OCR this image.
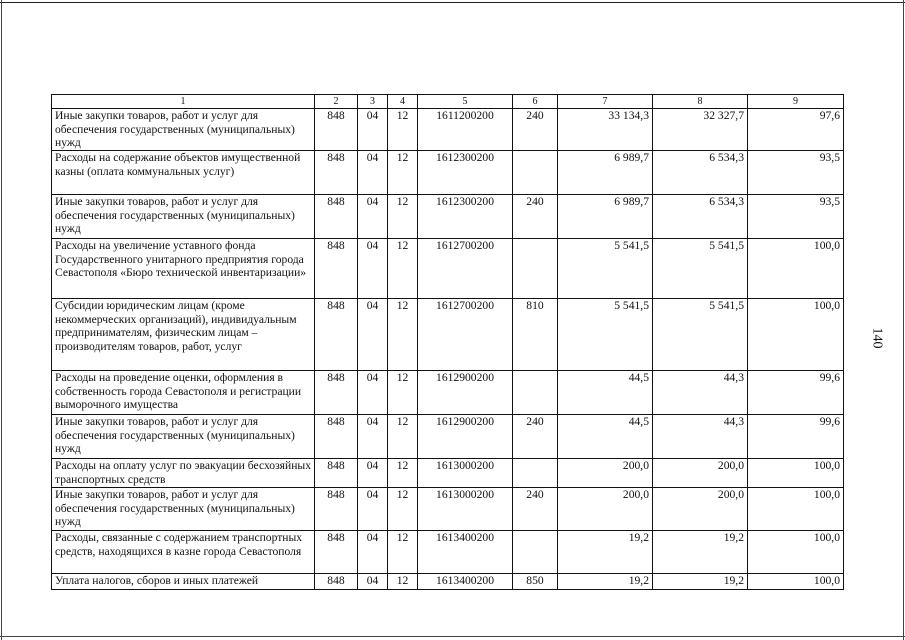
1	2	3	4	5	6	7	8	9
Иные закупки товаров, работ и услуг для обеспечения государственных (муниципальных) нужд	848	04	12	1611200200	240	33 134,3	32 327,7	97,6
Расходы на содержание объектов имущественной казны (оплата коммунальных услуг)	848	04	12	1612300200		6 989,7	6 534,3	93,5
Иные закупки товаров, работ и услуг для обеспечения государственных (муниципальных) нужд	848	04	12	1612300200	240	6 989,7	6 534,3	93,5
Расходы на увеличение уставного фонда Государственного унитарного предприятия города Севастополя «Бюро технической инвентаризации»	848	04	12	1612700200		5 541,5	5 541,5	100,0
Субсидии юридическим лицам (кроме некоммерческих организаций), индивидуальным предпринимателям, физическим лицам – производителям товаров, работ, услуг	848	04	12	1612700200	810	5 541,5	5 541,5	100,0
Расходы на проведение оценки, оформления в собственность города Севастополя и регистрации выморочного имущества	848	04	12	1612900200		44,5	44,3	99,6
Иные закупки товаров, работ и услуг для обеспечения государственных (муниципальных) нужд	848	04	12	1612900200	240	44,5	44,3	99,6
Расходы на оплату услуг по эвакуации бесхозяйных транспортных средств	848	04	12	1613000200		200,0	200,0	100,0
Иные закупки товаров, работ и услуг для обеспечения государственных (муниципальных) нужд	848	04	12	1613000200	240	200,0	200,0	100,0
Расходы, связанные с содержанием транспортных средств, находящихся в казне города Севастополя	848	04	12	1613400200		19,2	19,2	100,0
Уплата налогов, сборов и иных платежей	848	04	12	1613400200	850	19,2	19,2	100,0
140
